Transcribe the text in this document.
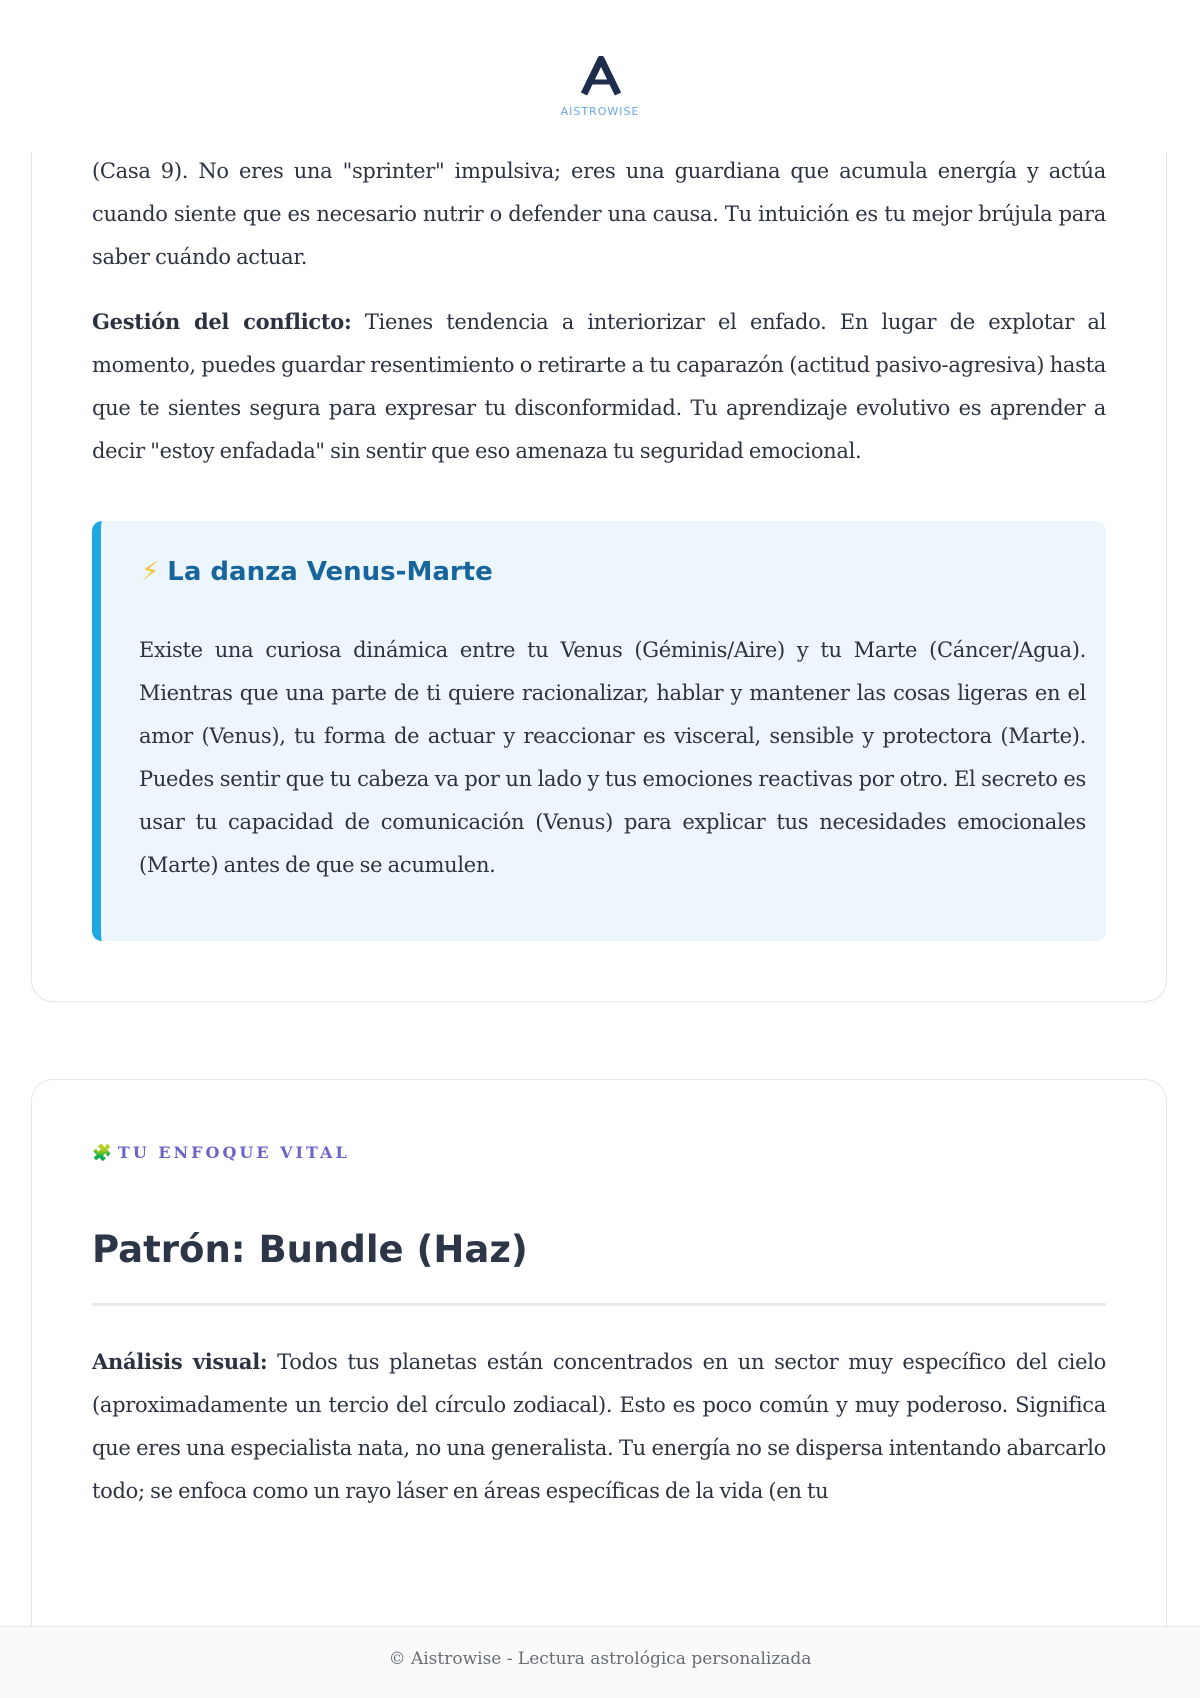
AISTROWISE

(Casa 9). No eres una "sprinter" impulsiva; eres una guardiana que acumula energía y actúa cuando siente que es necesario nutrir o defender una causa. Tu intuición es tu mejor brújula para saber cuándo actuar.

Gestión del conflicto: Tienes tendencia a interiorizar el enfado. En lugar de explotar al momento, puedes guardar resentimiento o retirarte a tu caparazón (actitud pasivo-agresiva) hasta que te sientes segura para expresar tu disconformidad. Tu aprendizaje evolutivo es aprender a decir "estoy enfadada" sin sentir que eso amenaza tu seguridad emocional.

⚡ La danza Venus-Marte

Existe una curiosa dinámica entre tu Venus (Géminis/Aire) y tu Marte (Cáncer/Agua). Mientras que una parte de ti quiere racionalizar, hablar y mantener las cosas ligeras en el amor (Venus), tu forma de actuar y reaccionar es visceral, sensible y protectora (Marte). Puedes sentir que tu cabeza va por un lado y tus emociones reactivas por otro. El secreto es usar tu capacidad de comunicación (Venus) para explicar tus necesidades emocionales (Marte) antes de que se acumulen.

🧩 TU ENFOQUE VITAL
Patrón: Bundle (Haz)

Análisis visual: Todos tus planetas están concentrados en un sector muy específico del cielo (aproximadamente un tercio del círculo zodiacal). Esto es poco común y muy poderoso. Significa que eres una especialista nata, no una generalista. Tu energía no se dispersa intentando abarcarlo todo; se enfoca como un rayo láser en áreas específicas de la vida (en tu

© Aistrowise - Lectura astrológica personalizada
